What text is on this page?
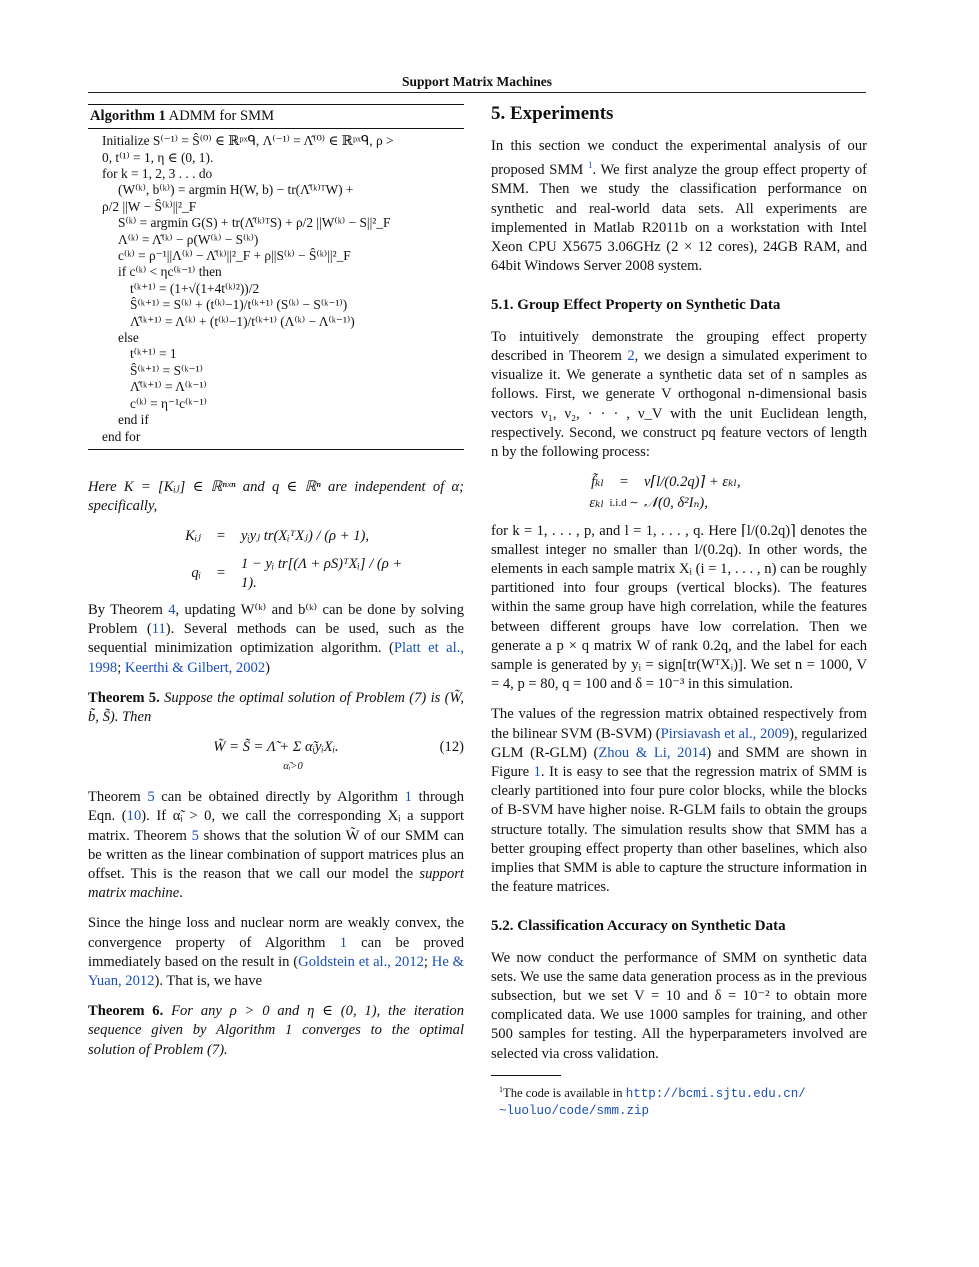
Support Matrix Machines
Algorithm 1 ADMM for SMM
Initialize S⁽⁻¹⁾ = Ŝ⁽⁰⁾ ∈ ℝᵖˣᑫ, Λ⁽⁻¹⁾ = Λ̂⁽⁰⁾ ∈ ℝᵖˣᑫ, ρ >
0, t⁽¹⁾ = 1, η ∈ (0, 1).
for k = 1, 2, 3 . . . do
(W⁽ᵏ⁾, b⁽ᵏ⁾) = argmin H(W, b) − tr(Λ̂⁽ᵏ⁾ᵀW) +
ρ/2 ||W − Ŝ⁽ᵏ⁾||²_F
S⁽ᵏ⁾ = argmin G(S) + tr(Λ̂⁽ᵏ⁾ᵀS) + ρ/2 ||W⁽ᵏ⁾ − S||²_F
Λ⁽ᵏ⁾ = Λ̂⁽ᵏ⁾ − ρ(W⁽ᵏ⁾ − S⁽ᵏ⁾)
c⁽ᵏ⁾ = ρ⁻¹||Λ⁽ᵏ⁾ − Λ̂⁽ᵏ⁾||²_F + ρ||S⁽ᵏ⁾ − Ŝ⁽ᵏ⁾||²_F
if c⁽ᵏ⁾ < ηc⁽ᵏ⁻¹⁾ then
t⁽ᵏ⁺¹⁾ = (1+√(1+4t⁽ᵏ⁾²))/2
Ŝ⁽ᵏ⁺¹⁾ = S⁽ᵏ⁾ + (t⁽ᵏ⁾−1)/t⁽ᵏ⁺¹⁾ (S⁽ᵏ⁾ − S⁽ᵏ⁻¹⁾)
Λ̂⁽ᵏ⁺¹⁾ = Λ⁽ᵏ⁾ + (t⁽ᵏ⁾−1)/t⁽ᵏ⁺¹⁾ (Λ⁽ᵏ⁾ − Λ⁽ᵏ⁻¹⁾)
else
t⁽ᵏ⁺¹⁾ = 1
Ŝ⁽ᵏ⁺¹⁾ = S⁽ᵏ⁻¹⁾
Λ̂⁽ᵏ⁺¹⁾ = Λ⁽ᵏ⁻¹⁾
c⁽ᵏ⁾ = η⁻¹c⁽ᵏ⁻¹⁾
end if
end for
Here K = [Kᵢⱼ] ∈ ℝⁿˣⁿ and q ∈ ℝⁿ are independent of α; specifically,
Kᵢⱼ	=	yᵢyⱼ tr(XᵢᵀXⱼ) / (ρ + 1),
qᵢ	=
1 − yᵢ tr[(Λ + ρS)ᵀXᵢ] / (ρ + 1).
By Theorem 4, updating W⁽ᵏ⁾ and b⁽ᵏ⁾ can be done by solving Problem (11). Several methods can be used, such as the sequential minimization optimization algorithm. (Platt et al., 1998; Keerthi & Gilbert, 2002)
Theorem 5. Suppose the optimal solution of Problem (7) is (W̃, b̃, S̃). Then
W̃ = S̃ = Λ̃ + Σ α̃ᵢyᵢXᵢ.
α̃ᵢ>0
(12)
Theorem 5 can be obtained directly by Algorithm 1 through Eqn. (10). If α̃ᵢ > 0, we call the corresponding Xᵢ a support matrix. Theorem 5 shows that the solution W̃ of our SMM can be written as the linear combination of support matrices plus an offset. This is the reason that we call our model the support matrix machine.
Since the hinge loss and nuclear norm are weakly convex, the convergence property of Algorithm 1 can be proved immediately based on the result in (Goldstein et al., 2012; He & Yuan, 2012). That is, we have
Theorem 6. For any ρ > 0 and η ∈ (0, 1), the iteration sequence given by Algorithm 1 converges to the optimal solution of Problem (7).
5. Experiments
In this section we conduct the experimental analysis of our proposed SMM $^1$. We first analyze the group effect property of SMM. Then we study the classification performance on synthetic and real-world data sets. All experiments are implemented in Matlab R2011b on a workstation with Intel Xeon CPU X5675 3.06GHz (2 × 12 cores), 24GB RAM, and 64bit Windows Server 2008 system.
5.1. Group Effect Property on Synthetic Data
To intuitively demonstrate the grouping effect property described in Theorem 2, we design a simulated experiment to visualize it. We generate a synthetic data set of n samples as follows. First, we generate V orthogonal n-dimensional basis vectors ν₁, ν₂, · · · , ν_V with the unit Euclidean length, respectively. Second, we construct pq feature vectors of length n by the following process:
f̃ₖₗ	=	ν⌈l/(0.2q)⌉ + εₖₗ,
εₖₗ i.i.d ∼ 𝒩(0, δ²Iₙ),
for k = 1, . . . , p, and l = 1, . . . , q. Here ⌈l/(0.2q)⌉ denotes the smallest integer no smaller than l/(0.2q). In other words, the elements in each sample matrix Xᵢ (i = 1, . . . , n) can be roughly partitioned into four groups (vertical blocks). The features within the same group have high correlation, while the features between different groups have low correlation. Then we generate a p × q matrix W of rank 0.2q, and the label for each sample is generated by yᵢ = sign[tr(WᵀXᵢ)]. We set n = 1000, V = 4, p = 80, q = 100 and δ = 10⁻³ in this simulation.
The values of the regression matrix obtained respectively from the bilinear SVM (B-SVM) (Pirsiavash et al., 2009), regularized GLM (R-GLM) (Zhou & Li, 2014) and SMM are shown in Figure 1. It is easy to see that the regression matrix of SMM is clearly partitioned into four pure color blocks, while the blocks of B-SVM have higher noise. R-GLM fails to obtain the groups structure totally. The simulation results show that SMM has a better grouping effect property than other baselines, which also implies that SMM is able to capture the structure information in the feature matrices.
5.2. Classification Accuracy on Synthetic Data
We now conduct the performance of SMM on synthetic data sets. We use the same data generation process as in the previous subsection, but we set V = 10 and δ = 10⁻² to obtain more complicated data. We use 1000 samples for training, and other 500 samples for testing. All the hyperparameters involved are selected via cross validation.
$^1$The code is available in http://bcmi.sjtu.edu.cn/
~luoluo/code/smm.zip
